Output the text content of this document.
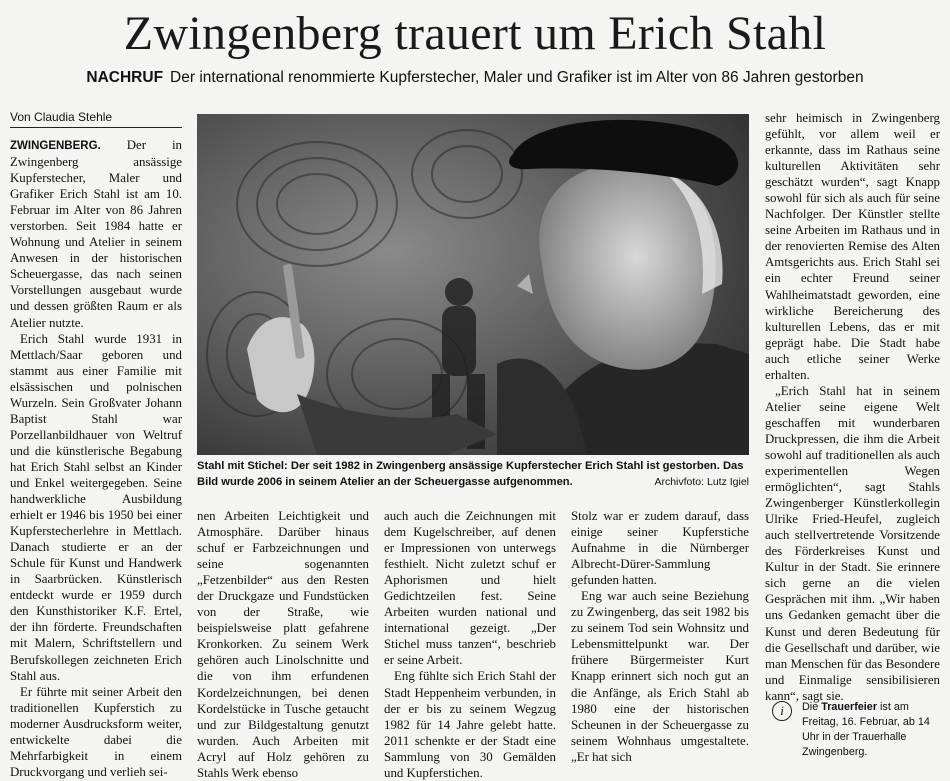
Zwingenberg trauert um Erich Stahl
NACHRUF Der international renommierte Kupferstecher, Maler und Grafiker ist im Alter von 86 Jahren gestorben
Von Claudia Stehle

ZWINGENBERG. Der in Zwingenberg ansässige Kupferstecher, Maler und Grafiker Erich Stahl ist am 10. Februar im Alter von 86 Jahren verstorben. Seit 1984 hatte er Wohnung und Atelier in seinem Anwesen in der historischen Scheuergasse, das nach seinen Vorstellungen ausgebaut wurde und dessen größten Raum er als Atelier nutzte.

Erich Stahl wurde 1931 in Mettlach/Saar geboren und stammt aus einer Familie mit elsässischen und polnischen Wurzeln. Sein Großvater Johann Baptist Stahl war Porzellanbildhauer von Weltruf und die künstlerische Begabung hat Erich Stahl selbst an Kinder und Enkel weitergegeben. Seine handwerkliche Ausbildung erhielt er 1946 bis 1950 bei einer Kupferstecherlehre in Mettlach. Danach studierte er an der Schule für Kunst und Handwerk in Saarbrücken. Künstlerisch entdeckt wurde er 1959 durch den Kunsthistoriker K.F. Ertel, der ihn förderte. Freundschaften mit Malern, Schriftstellern und Berufskollegen zeichneten Erich Stahl aus.

Er führte mit seiner Arbeit den traditionellen Kupferstich zu moderner Ausdrucksform weiter, entwickelte dabei die Mehrfarbigkeit in einem Druckvorgang und verlieh sei-

Stahl mit Stichel: Der seit 1982 in Zwingenberg ansässige Kupferstecher Erich Stahl ist gestorben. Das Bild wurde 2006 in seinem Atelier an der Scheuergasse aufgenommen.	Archivfoto: Lutz Igiel

nen Arbeiten Leichtigkeit und Atmosphäre. Darüber hinaus schuf er Farbzeichnungen und seine sogenannten „Fetzenbilder“ aus den Resten der Druckgaze und Fundstücken von der Straße, wie beispielsweise platt gefahrene Kronkorken. Zu seinem Werk gehören auch Linolschnitte und die von ihm erfundenen Kordelzeichnungen, bei denen Kordelstücke in Tusche getaucht und zur Bildgestaltung genutzt wurden. Auch Arbeiten mit Acryl auf Holz gehören zu Stahls Werk ebenso

auch auch die Zeichnungen mit dem Kugelschreiber, auf denen er Impressionen von unterwegs festhielt. Nicht zuletzt schuf er Aphorismen und hielt Gedichtzeilen fest. Seine Arbeiten wurden national und international gezeigt. „Der Stichel muss tanzen“, beschrieb er seine Arbeit.

Eng fühlte sich Erich Stahl der Stadt Heppenheim verbunden, in der er bis zu seinem Wegzug 1982 für 14 Jahre gelebt hatte. 2011 schenkte er der Stadt eine Sammlung von 30 Gemälden und Kupferstichen.

Stolz war er zudem darauf, dass einige seiner Kupferstiche Aufnahme in die Nürnberger Albrecht-Dürer-Sammlung gefunden hatten.

Eng war auch seine Beziehung zu Zwingenberg, das seit 1982 bis zu seinem Tod sein Wohnsitz und Lebensmittelpunkt war. Der frühere Bürgermeister Kurt Knapp erinnert sich noch gut an die Anfänge, als Erich Stahl ab 1980 eine der historischen Scheunen in der Scheuergasse zu seinem Wohnhaus umgestaltete. „Er hat sich

sehr heimisch in Zwingenberg gefühlt, vor allem weil er erkannte, dass im Rathaus seine kulturellen Aktivitäten sehr geschätzt wurden“, sagt Knapp sowohl für sich als auch für seine Nachfolger. Der Künstler stellte seine Arbeiten im Rathaus und in der renovierten Remise des Alten Amtsgerichts aus. Erich Stahl sei ein echter Freund seiner Wahlheimatstadt geworden, eine wirkliche Bereicherung des kulturellen Lebens, das er mit geprägt habe. Die Stadt habe auch etliche seiner Werke erhalten.

„Erich Stahl hat in seinem Atelier seine eigene Welt geschaffen mit wunderbaren Druckpressen, die ihm die Arbeit sowohl auf traditionellen als auch experimentellen Wegen ermöglichten“, sagt Stahls Zwingenberger Künstlerkollegin Ulrike Fried-Heufel, zugleich auch stellvertretende Vorsitzende des Förderkreises Kunst und Kultur in der Stadt. Sie erinnere sich gerne an die vielen Gesprächen mit ihm. „Wir haben uns Gedanken gemacht über die Kunst und deren Bedeutung für die Gesellschaft und darüber, wie man Menschen für das Besondere und Einmalige sensibilisieren kann“, sagt sie.

i	Die Trauerfeier ist am Freitag, 16. Februar, ab 14 Uhr in der Trauerhalle Zwingenberg.
